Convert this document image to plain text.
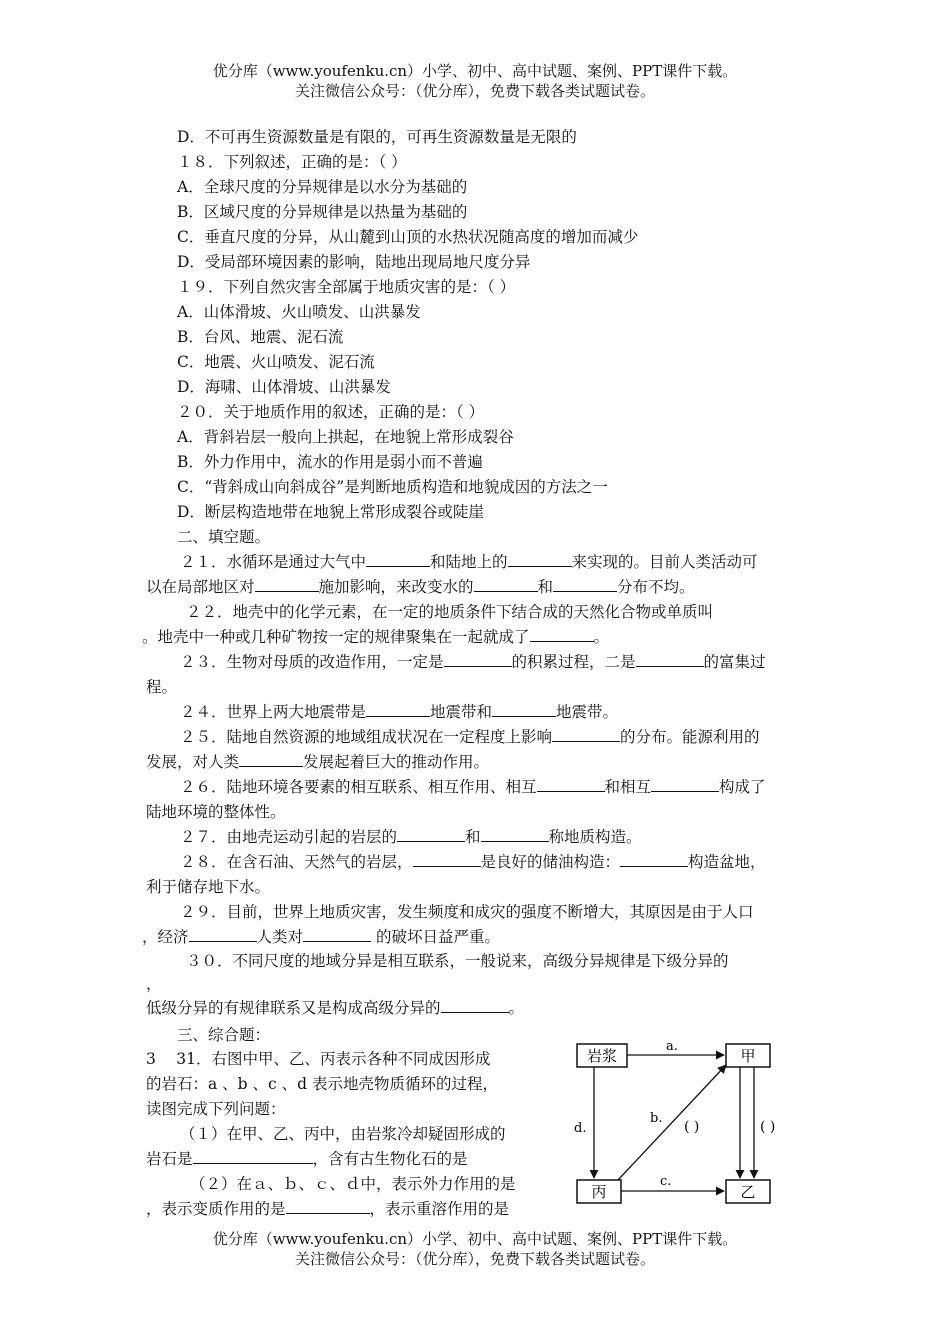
优分库（www.youfenku.cn）小学、初中、高中试题、案例、PPT课件下载。
关注微信公众号：（优分库），免费下载各类试题试卷。
D．不可再生资源数量是有限的，可再生资源数量是无限的
１８．下列叙述，正确的是：（ ）
A．全球尺度的分异规律是以水分为基础的
B．区域尺度的分异规律是以热量为基础的
C．垂直尺度的分异，从山麓到山顶的水热状况随高度的增加而减少
D．受局部环境因素的影响，陆地出现局地尺度分异
１９．下列自然灾害全部属于地质灾害的是：（ ）
A．山体滑坡、火山喷发、山洪暴发
B．台风、地震、泥石流
C．地震、火山喷发、泥石流
D．海啸、山体滑坡、山洪暴发
２０．关于地质作用的叙述，正确的是：（ ）
A．背斜岩层一般向上拱起，在地貌上常形成裂谷
B．外力作用中，流水的作用是弱小而不普遍
C．“背斜成山向斜成谷”是判断地质构造和地貌成因的方法之一
D．断层构造地带在地貌上常形成裂谷或陡崖
二、填空题。
２１．水循环是通过大气中	和陆地上的	来实现的。目前人类活动可
以在局部地区对	施加影响，来改变水的	和	分布不均。
２２．地壳中的化学元素，在一定的地质条件下结合成的天然化合物或单质叫
。地壳中一种或几种矿物按一定的规律聚集在一起就成了	。
２３．生物对母质的改造作用，一定是	的积累过程，二是	的富集过
程。
２４．世界上两大地震带是	地震带和	地震带。
２５．陆地自然资源的地域组成状况在一定程度上影响	的分布。能源利用的
发展，对人类	发展起着巨大的推动作用。
２６．陆地环境各要素的相互联系、相互作用、相互	和相互	构成了
陆地环境的整体性。
２７．由地壳运动引起的岩层的	和	称地质构造。
２８．在含石油、天然气的岩层，	是良好的储油构造：	构造盆地，
利于储存地下水。
２９．目前，世界上地质灾害，发生频度和成灾的强度不断增大，其原因是由于人口
，经济	人类对	的破坏日益严重。
３０．不同尺度的地域分异是相互联系，一般说来，高级分异规律是下级分异的
，
低级分异的有规律联系又是构成高级分异的	。
三、综合题：
3　 31．右图中甲、乙、丙表示各种不同成因形成
的岩石：a 、b 、c 、d 表示地壳物质循环的过程，
读图完成下列问题：
（１）在甲、乙、丙中，由岩浆冷却疑固形成的
岩石是	，含有古生物化石的是
（２）在ａ、ｂ、ｃ、ｄ中，表示外力作用的是
，表示变质作用的是	，表示重溶作用的是
岩浆	甲
丙	乙
a.
d.
b.
c.
( )	( )
优分库（www.youfenku.cn）小学、初中、高中试题、案例、PPT课件下载。
关注微信公众号：（优分库），免费下载各类试题试卷。
